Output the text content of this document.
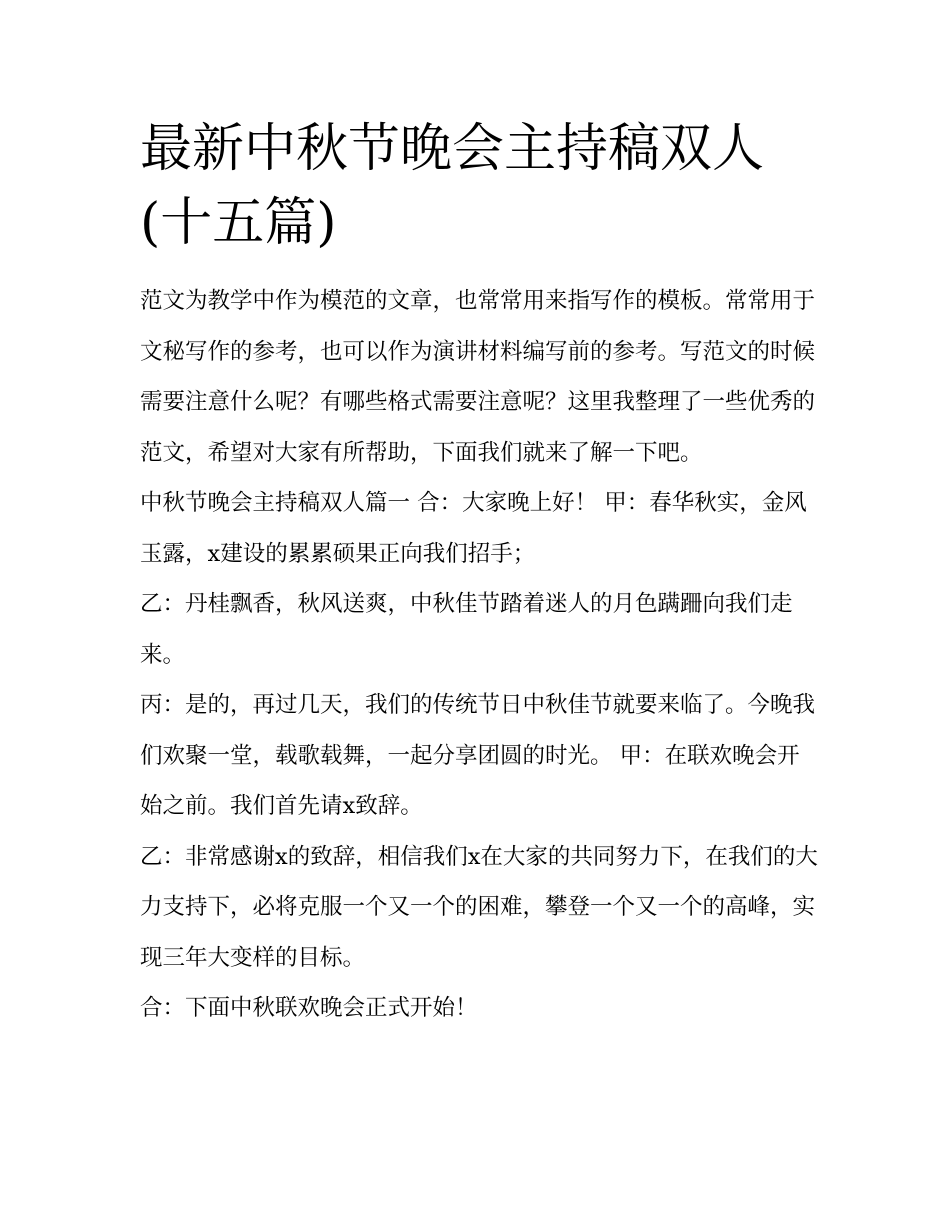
最新中秋节晚会主持稿双人(十五篇)

范文为教学中作为模范的文章，也常常用来指写作的模板。常常用于文秘写作的参考，也可以作为演讲材料编写前的参考。写范文的时候需要注意什么呢？有哪些格式需要注意呢？这里我整理了一些优秀的范文，希望对大家有所帮助，下面我们就来了解一下吧。

中秋节晚会主持稿双人篇一 合：大家晚上好！ 甲：春华秋实，金风玉露，x建设的累累硕果正向我们招手；

乙：丹桂飘香，秋风送爽，中秋佳节踏着迷人的月色蹒跚向我们走来。

丙：是的，再过几天，我们的传统节日中秋佳节就要来临了。今晚我们欢聚一堂，载歌载舞，一起分享团圆的时光。 甲：在联欢晚会开始之前。我们首先请x致辞。

乙：非常感谢x的致辞，相信我们x在大家的共同努力下，在我们的大力支持下，必将克服一个又一个的困难，攀登一个又一个的高峰，实现三年大变样的目标。

合：下面中秋联欢晚会正式开始！
